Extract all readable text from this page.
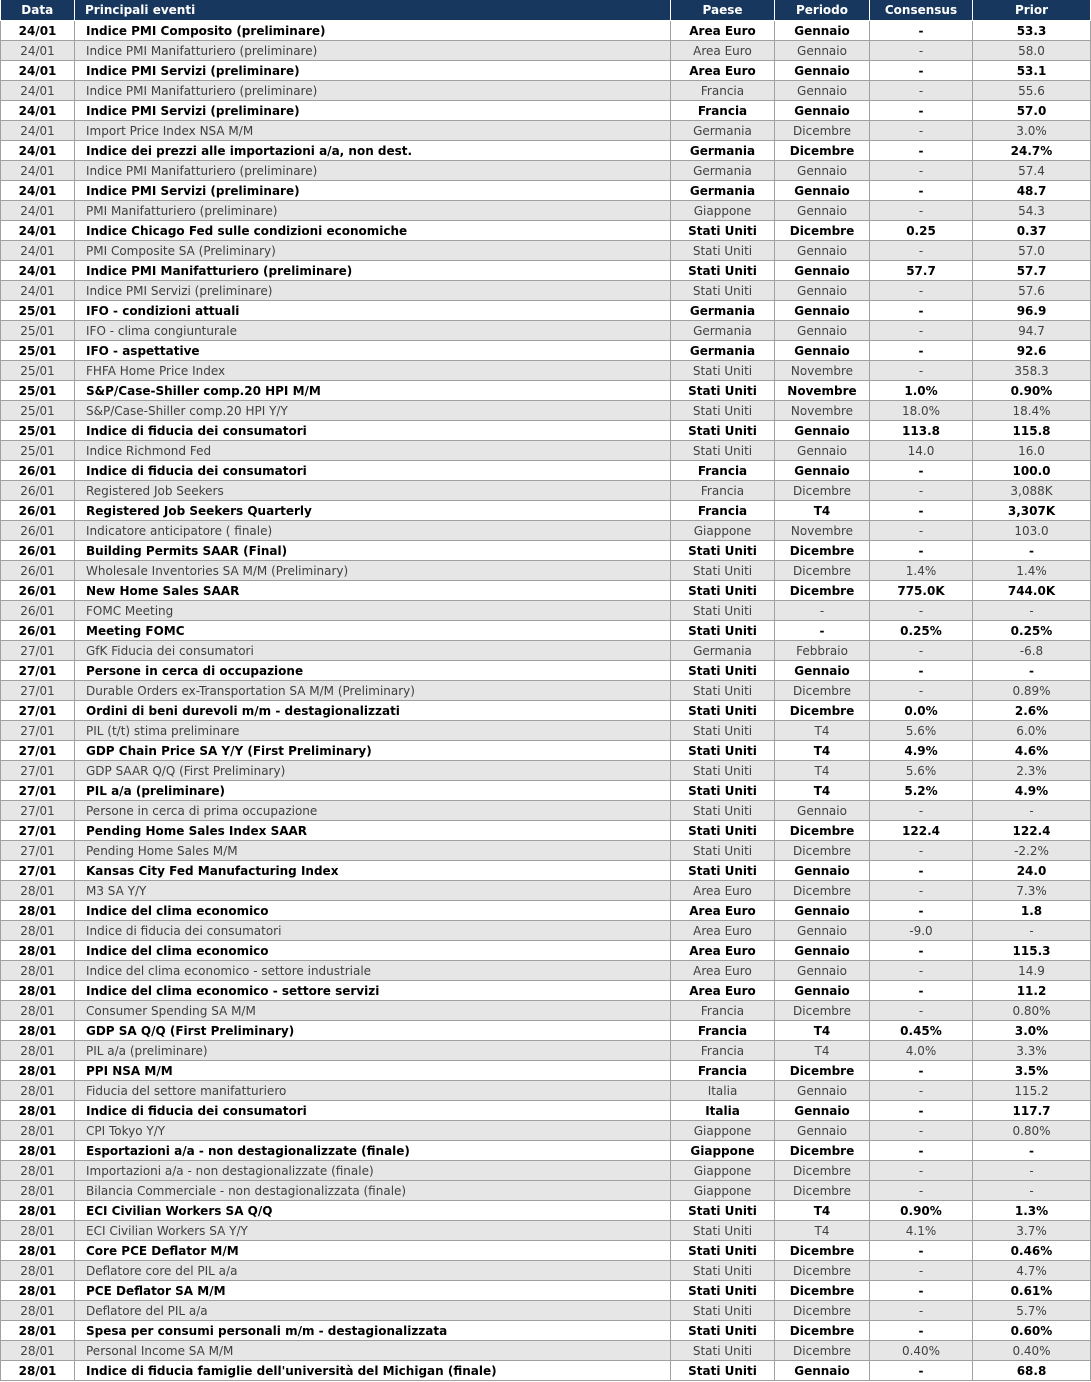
Data	Principali eventi	Paese	Periodo	Consensus	Prior
24/01	Indice PMI Composito (preliminare)	Area Euro	Gennaio	-	53.3
24/01	Indice PMI Manifatturiero (preliminare)	Area Euro	Gennaio	-	58.0
24/01	Indice PMI Servizi (preliminare)	Area Euro	Gennaio	-	53.1
24/01	Indice PMI Manifatturiero (preliminare)	Francia	Gennaio	-	55.6
24/01	Indice PMI Servizi (preliminare)	Francia	Gennaio	-	57.0
24/01	Import Price Index NSA M/M	Germania	Dicembre	-	3.0%
24/01	Indice dei prezzi alle importazioni a/a, non dest.	Germania	Dicembre	-	24.7%
24/01	Indice PMI Manifatturiero (preliminare)	Germania	Gennaio	-	57.4
24/01	Indice PMI Servizi (preliminare)	Germania	Gennaio	-	48.7
24/01	PMI Manifatturiero (preliminare)	Giappone	Gennaio	-	54.3
24/01	Indice Chicago Fed sulle condizioni economiche	Stati Uniti	Dicembre	0.25	0.37
24/01	PMI Composite SA (Preliminary)	Stati Uniti	Gennaio	-	57.0
24/01	Indice PMI Manifatturiero (preliminare)	Stati Uniti	Gennaio	57.7	57.7
24/01	Indice PMI Servizi (preliminare)	Stati Uniti	Gennaio	-	57.6
25/01	IFO - condizioni attuali	Germania	Gennaio	-	96.9
25/01	IFO - clima congiunturale	Germania	Gennaio	-	94.7
25/01	IFO - aspettative	Germania	Gennaio	-	92.6
25/01	FHFA Home Price Index	Stati Uniti	Novembre	-	358.3
25/01	S&P/Case-Shiller comp.20 HPI M/M	Stati Uniti	Novembre	1.0%	0.90%
25/01	S&P/Case-Shiller comp.20 HPI Y/Y	Stati Uniti	Novembre	18.0%	18.4%
25/01	Indice di fiducia dei consumatori	Stati Uniti	Gennaio	113.8	115.8
25/01	Indice Richmond Fed	Stati Uniti	Gennaio	14.0	16.0
26/01	Indice di fiducia dei consumatori	Francia	Gennaio	-	100.0
26/01	Registered Job Seekers	Francia	Dicembre	-	3,088K
26/01	Registered Job Seekers Quarterly	Francia	T4	-	3,307K
26/01	Indicatore anticipatore ( finale)	Giappone	Novembre	-	103.0
26/01	Building Permits SAAR (Final)	Stati Uniti	Dicembre	-	-
26/01	Wholesale Inventories SA M/M (Preliminary)	Stati Uniti	Dicembre	1.4%	1.4%
26/01	New Home Sales SAAR	Stati Uniti	Dicembre	775.0K	744.0K
26/01	FOMC Meeting	Stati Uniti	-	-	-
26/01	Meeting FOMC	Stati Uniti	-	0.25%	0.25%
27/01	GfK Fiducia dei consumatori	Germania	Febbraio	-	-6.8
27/01	Persone in cerca di occupazione	Stati Uniti	Gennaio	-	-
27/01	Durable Orders ex-Transportation SA M/M (Preliminary)	Stati Uniti	Dicembre	-	0.89%
27/01	Ordini di beni durevoli m/m - destagionalizzati	Stati Uniti	Dicembre	0.0%	2.6%
27/01	PIL (t/t) stima preliminare	Stati Uniti	T4	5.6%	6.0%
27/01	GDP Chain Price SA Y/Y (First Preliminary)	Stati Uniti	T4	4.9%	4.6%
27/01	GDP SAAR Q/Q (First Preliminary)	Stati Uniti	T4	5.6%	2.3%
27/01	PIL a/a (preliminare)	Stati Uniti	T4	5.2%	4.9%
27/01	Persone in cerca di prima occupazione	Stati Uniti	Gennaio	-	-
27/01	Pending Home Sales Index SAAR	Stati Uniti	Dicembre	122.4	122.4
27/01	Pending Home Sales M/M	Stati Uniti	Dicembre	-	-2.2%
27/01	Kansas City Fed Manufacturing Index	Stati Uniti	Gennaio	-	24.0
28/01	M3 SA Y/Y	Area Euro	Dicembre	-	7.3%
28/01	Indice del clima economico	Area Euro	Gennaio	-	1.8
28/01	Indice di fiducia dei consumatori	Area Euro	Gennaio	-9.0	-
28/01	Indice del clima economico	Area Euro	Gennaio	-	115.3
28/01	Indice del clima economico - settore industriale	Area Euro	Gennaio	-	14.9
28/01	Indice del clima economico - settore servizi	Area Euro	Gennaio	-	11.2
28/01	Consumer Spending SA M/M	Francia	Dicembre	-	0.80%
28/01	GDP SA Q/Q (First Preliminary)	Francia	T4	0.45%	3.0%
28/01	PIL a/a (preliminare)	Francia	T4	4.0%	3.3%
28/01	PPI NSA M/M	Francia	Dicembre	-	3.5%
28/01	Fiducia del settore manifatturiero	Italia	Gennaio	-	115.2
28/01	Indice di fiducia dei consumatori	Italia	Gennaio	-	117.7
28/01	CPI Tokyo Y/Y	Giappone	Gennaio	-	0.80%
28/01	Esportazioni a/a - non destagionalizzate (finale)	Giappone	Dicembre	-	-
28/01	Importazioni a/a - non destagionalizzate (finale)	Giappone	Dicembre	-	-
28/01	Bilancia Commerciale - non destagionalizzata (finale)	Giappone	Dicembre	-	-
28/01	ECI Civilian Workers SA Q/Q	Stati Uniti	T4	0.90%	1.3%
28/01	ECI Civilian Workers SA Y/Y	Stati Uniti	T4	4.1%	3.7%
28/01	Core PCE Deflator M/M	Stati Uniti	Dicembre	-	0.46%
28/01	Deflatore core del PIL a/a	Stati Uniti	Dicembre	-	4.7%
28/01	PCE Deflator SA M/M	Stati Uniti	Dicembre	-	0.61%
28/01	Deflatore del PIL a/a	Stati Uniti	Dicembre	-	5.7%
28/01	Spesa per consumi personali m/m - destagionalizzata	Stati Uniti	Dicembre	-	0.60%
28/01	Personal Income SA M/M	Stati Uniti	Dicembre	0.40%	0.40%
28/01	Indice di fiducia famiglie dell'università del Michigan (finale)	Stati Uniti	Gennaio	-	68.8
